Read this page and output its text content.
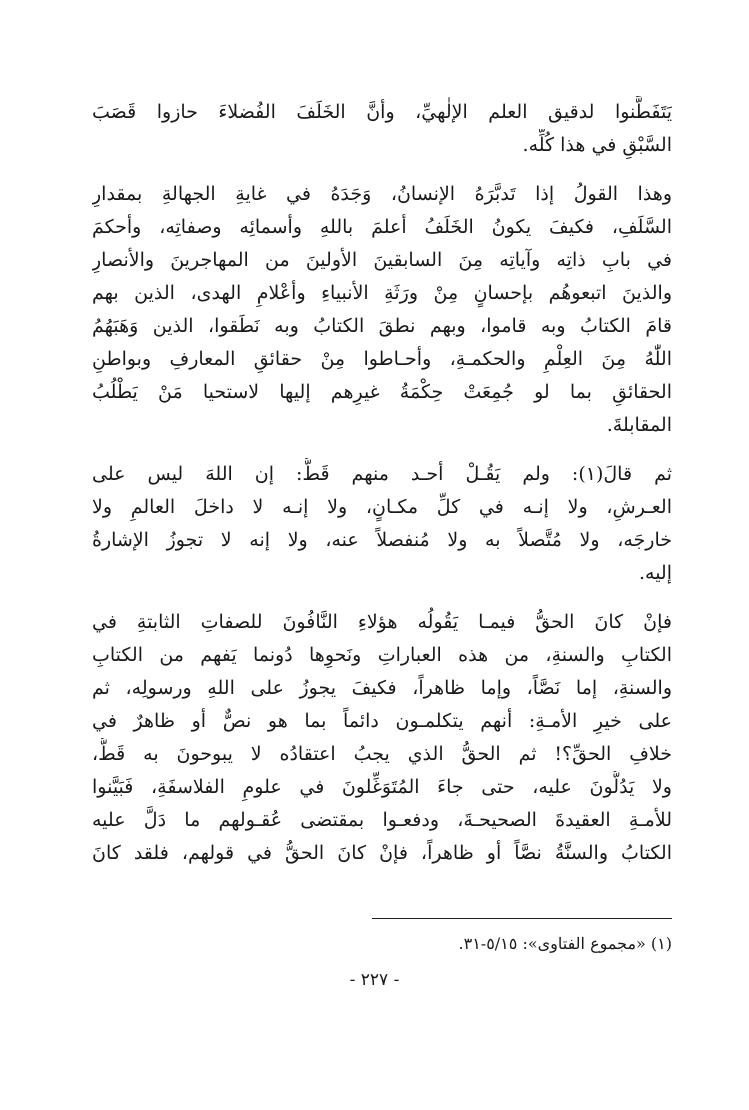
يَتَفَطَّنوا لدقيق العلم الإلٰهيِّ، وأنَّ الخَلَفَ الفُضلاءَ حازوا قَصَبَ
السَّبْقِ في هذا كُلِّه.
وهذا القولُ إذا تَدبَّرَهُ الإنسانُ، وَجَدَهُ في غايةِ الجهالةِ بمقدارِ
السَّلَفِ، فكيفَ يكونُ الخَلَفُ أعلمَ باللهِ وأسمائِه وصفاتِه، وأحكمَ
في بابِ ذاتِه وآياتِه مِنَ السابقينَ الأولينَ من المهاجرينَ والأنصارِ
والذينَ اتبعوهُم بإحسانٍ مِنْ ورَثَةِ الأنبياءِ وأعْلامِ الهدى، الذين بهم
قامَ الكتابُ وبه قاموا، وبهم نطقَ الكتابُ وبه نَطَقوا، الذين وَهَبَهُمُ
اللّٰهُ مِنَ العِلْمِ والحكمـةِ، وأحـاطوا مِنْ حقائقِ المعارفِ وبواطنِ
الحقائقِ بما لو جُمِعَتْ حِكْمَةُ غيرِهم إليها لاستحيا مَنْ يَطْلُبُ
المقابلةَ.
ثم قالَ(١): ولم يَقُـلْ أحـد منهم قَطُّ: إن اللهَ ليس على
العـرشِ، ولا إنـه في كلِّ مكـانٍ، ولا إنـه لا داخلَ العالمِ ولا
خارجَه، ولا مُتَّصلاً به ولا مُنفصلاً عنه، ولا إنه لا تجوزُ الإشارةُ
إليه.
فإنْ كانَ الحقُّ فيمـا يَقُولُه هؤلاءِ النَّافُونَ للصفاتِ الثابتةِ في
الكتابِ والسنةِ، من هذه العباراتِ ونَحوِها دُونما يَفهم من الكتابِ
والسنةِ، إما نَصَّاً، وإما ظاهراً، فكيفَ يجوزُ على اللهِ ورسولِه، ثم
على خيرِ الأمـةِ: أنهم يتكلمـون دائماً بما هو نصٌّ أو ظاهرٌ في
خلافِ الحقِّ؟! ثم الحقُّ الذي يجبُ اعتقادُه لا يبوحونَ به قَطُّ،
ولا يَدُلُّونَ عليه، حتى جاءَ المُتَوَغِّلونَ في علومِ الفلاسفَةِ، فَبَيَّنوا
للأمـةِ العقيدةَ الصحيحـةَ، ودفعـوا بمقتضى عُقـولهم ما دَلَّ عليه
الكتابُ والسنَّةُ نصَّاً أو ظاهراً، فإنْ كانَ الحقُّ في قولهم، فلقد كانَ
(١) «مجموع الفتاوى»: ٥/١٥-٣١.
- ٢٢٧ -
